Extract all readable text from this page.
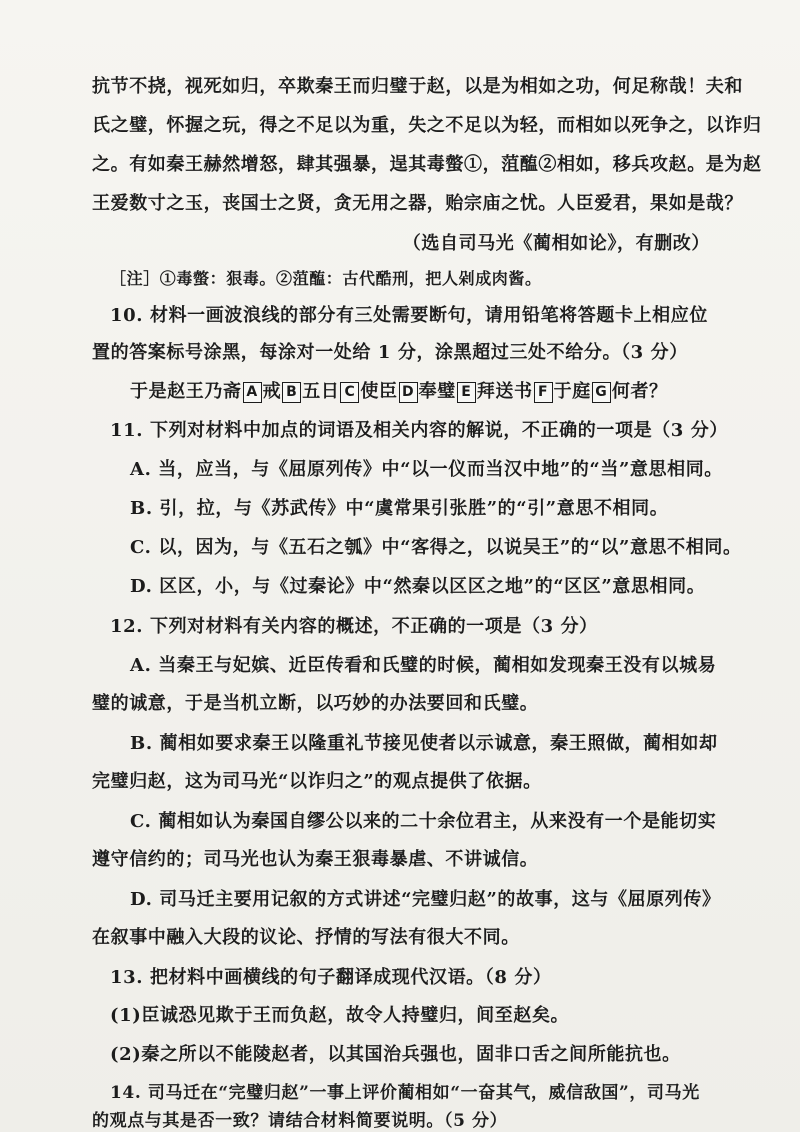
抗节不挠，视死如归，卒欺秦王而归璧于赵，以是为相如之功，何足称哉！夫和
氏之璧，怀握之玩，得之不足以为重，失之不足以为轻，而相如以死争之，以诈归
之。有如秦王赫然增怒，肆其强暴，逞其毒螫①，菹醢②相如，移兵攻赵。是为赵
王爱数寸之玉，丧国士之贤，贪无用之器，贻宗庙之忧。人臣爱君，果如是哉？
（选自司马光《蔺相如论》，有删改）
［注］①毒螫：狠毒。②菹醢：古代酷刑，把人剁成肉酱。
10. 材料一画波浪线的部分有三处需要断句，请用铅笔将答题卡上相应位
置的答案标号涂黑，每涂对一处给 1 分，涂黑超过三处不给分。（3 分）
于是赵王乃斋 A 戒 B 五日 C 使臣 D 奉璧 E 拜送书 F 于庭 G 何者？
11. 下列对材料中加点的词语及相关内容的解说，不正确的一项是（3 分）
A. 当，应当，与《屈原列传》中“以一仪而当汉中地”的“当”意思相同。
B. 引，拉，与《苏武传》中“虞常果引张胜”的“引”意思不相同。
C. 以，因为，与《五石之瓠》中“客得之，以说吴王”的“以”意思不相同。
D. 区区，小，与《过秦论》中“然秦以区区之地”的“区区”意思相同。
12. 下列对材料有关内容的概述，不正确的一项是（3 分）
A. 当秦王与妃嫔、近臣传看和氏璧的时候，蔺相如发现秦王没有以城易
璧的诚意，于是当机立断，以巧妙的办法要回和氏璧。
B. 蔺相如要求秦王以隆重礼节接见使者以示诚意，秦王照做，蔺相如却
完璧归赵，这为司马光“以诈归之”的观点提供了依据。
C. 蔺相如认为秦国自缪公以来的二十余位君主，从来没有一个是能切实
遵守信约的；司马光也认为秦王狠毒暴虐、不讲诚信。
D. 司马迁主要用记叙的方式讲述“完璧归赵”的故事，这与《屈原列传》
在叙事中融入大段的议论、抒情的写法有很大不同。
13. 把材料中画横线的句子翻译成现代汉语。（8 分）
(1)臣诚恐见欺于王而负赵，故令人持璧归，间至赵矣。
(2)秦之所以不能陵赵者，以其国治兵强也，固非口舌之间所能抗也。
14. 司马迁在“完璧归赵”一事上评价蔺相如“一奋其气，威信敌国”，司马光
的观点与其是否一致？请结合材料简要说明。（5 分）
